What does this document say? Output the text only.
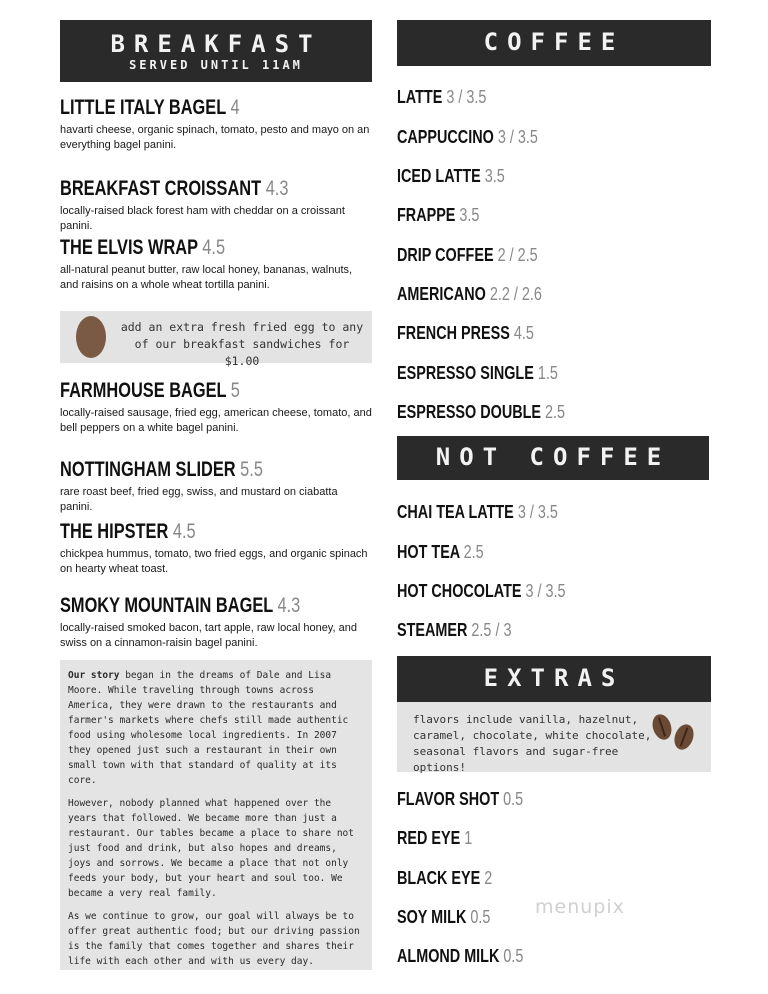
BREAKFAST
SERVED UNTIL 11AM
LITTLE ITALY BAGEL 4
havarti cheese, organic spinach, tomato, pesto and mayo on an everything bagel panini.
BREAKFAST CROISSANT 4.3
locally-raised black forest ham with cheddar on a croissant panini.
THE ELVIS WRAP 4.5
all-natural peanut butter, raw local honey, bananas, walnuts, and raisins on a whole wheat tortilla panini.
add an extra fresh fried egg to any of our breakfast sandwiches for $1.00
FARMHOUSE BAGEL 5
locally-raised sausage, fried egg, american cheese, tomato, and bell peppers on a white bagel panini.
NOTTINGHAM SLIDER 5.5
rare roast beef, fried egg, swiss, and mustard on ciabatta panini.
THE HIPSTER 4.5
chickpea hummus, tomato, two fried eggs, and organic spinach on hearty wheat toast.
SMOKY MOUNTAIN BAGEL 4.3
locally-raised smoked bacon, tart apple, raw local honey, and swiss on a cinnamon-raisin bagel panini.

Our story began in the dreams of Dale and Lisa Moore. While traveling through towns across America, they were drawn to the restaurants and farmer's markets where chefs still made authentic food using wholesome local ingredients. In 2007 they opened just such a restaurant in their own small town with that standard of quality at its core.

However, nobody planned what happened over the years that followed. We became more than just a restaurant. Our tables became a place to share not just food and drink, but also hopes and dreams, joys and sorrows. We became a place that not only feeds your body, but your heart and soul too. We became a very real family.

As we continue to grow, our goal will always be to offer great authentic food; but our driving passion is the family that comes together and shares their life with each other and with us every day.

COFFEE
LATTE 3 / 3.5
CAPPUCCINO 3 / 3.5
ICED LATTE 3.5
FRAPPE 3.5
DRIP COFFEE 2 / 2.5
AMERICANO 2.2 / 2.6
FRENCH PRESS 4.5
ESPRESSO SINGLE 1.5
ESPRESSO DOUBLE 2.5
NOT COFFEE
CHAI TEA LATTE 3 / 3.5
HOT TEA 2.5
HOT CHOCOLATE 3 / 3.5
STEAMER 2.5 / 3
EXTRAS
flavors include vanilla, hazelnut, caramel, chocolate, white chocolate, seasonal flavors and sugar-free options!
FLAVOR SHOT 0.5
RED EYE 1
BLACK EYE 2
SOY MILK 0.5
ALMOND MILK 0.5
menupix
